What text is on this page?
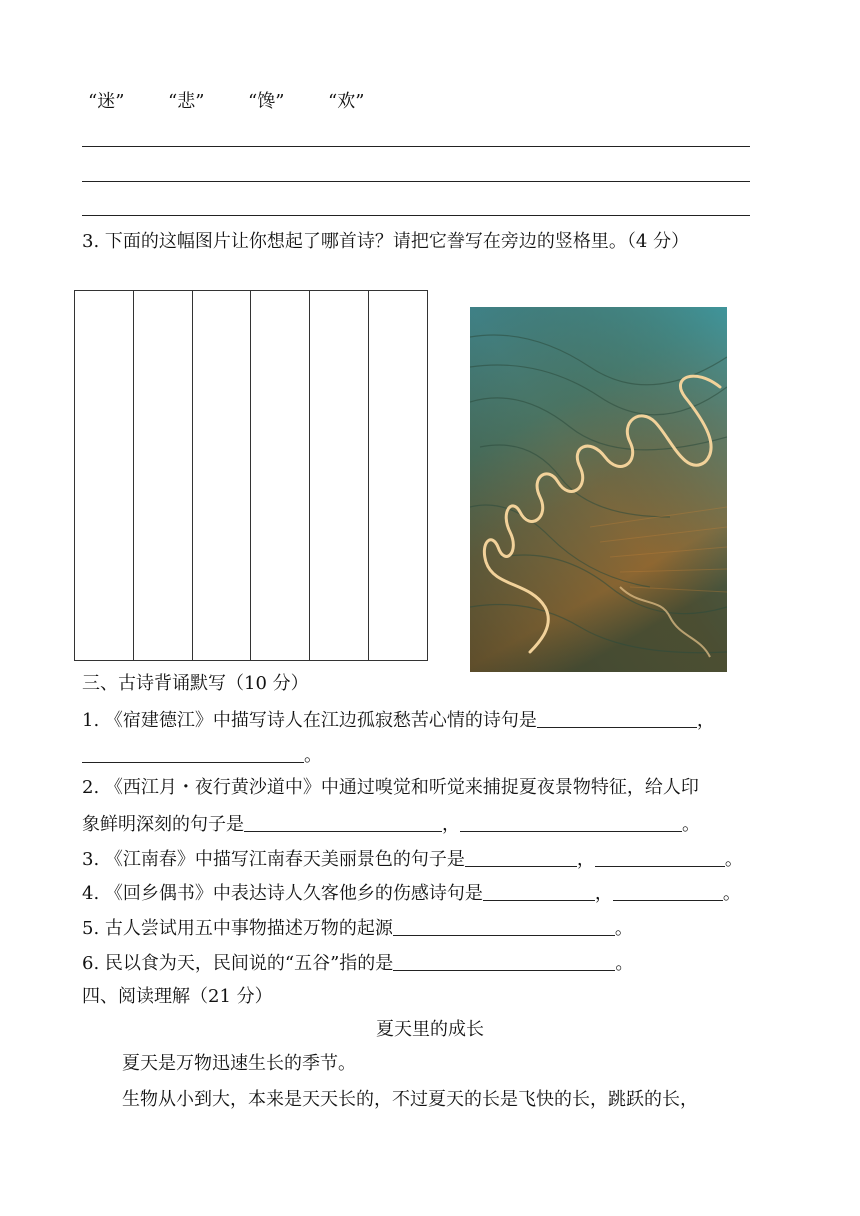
“迷” “悲” “馋” “欢”
3. 下面的这幅图片让你想起了哪首诗？请把它誊写在旁边的竖格里。（4 分）
三、古诗背诵默写（10 分）
1. 《宿建德江》中描写诗人在江边孤寂愁苦心情的诗句是	，
。
2. 《西江月・夜行黄沙道中》中通过嗅觉和听觉来捕捉夏夜景物特征，给人印
象鲜明深刻的句子是	，	。
3. 《江南春》中描写江南春天美丽景色的句子是	，	。
4. 《回乡偶书》中表达诗人久客他乡的伤感诗句是	，	。
5. 古人尝试用五中事物描述万物的起源	。
6. 民以食为天，民间说的“五谷”指的是	。
四、阅读理解（21 分）
夏天里的成长
夏天是万物迅速生长的季节。
生物从小到大，本来是天天长的，不过夏天的长是飞快的长，跳跃的长，
